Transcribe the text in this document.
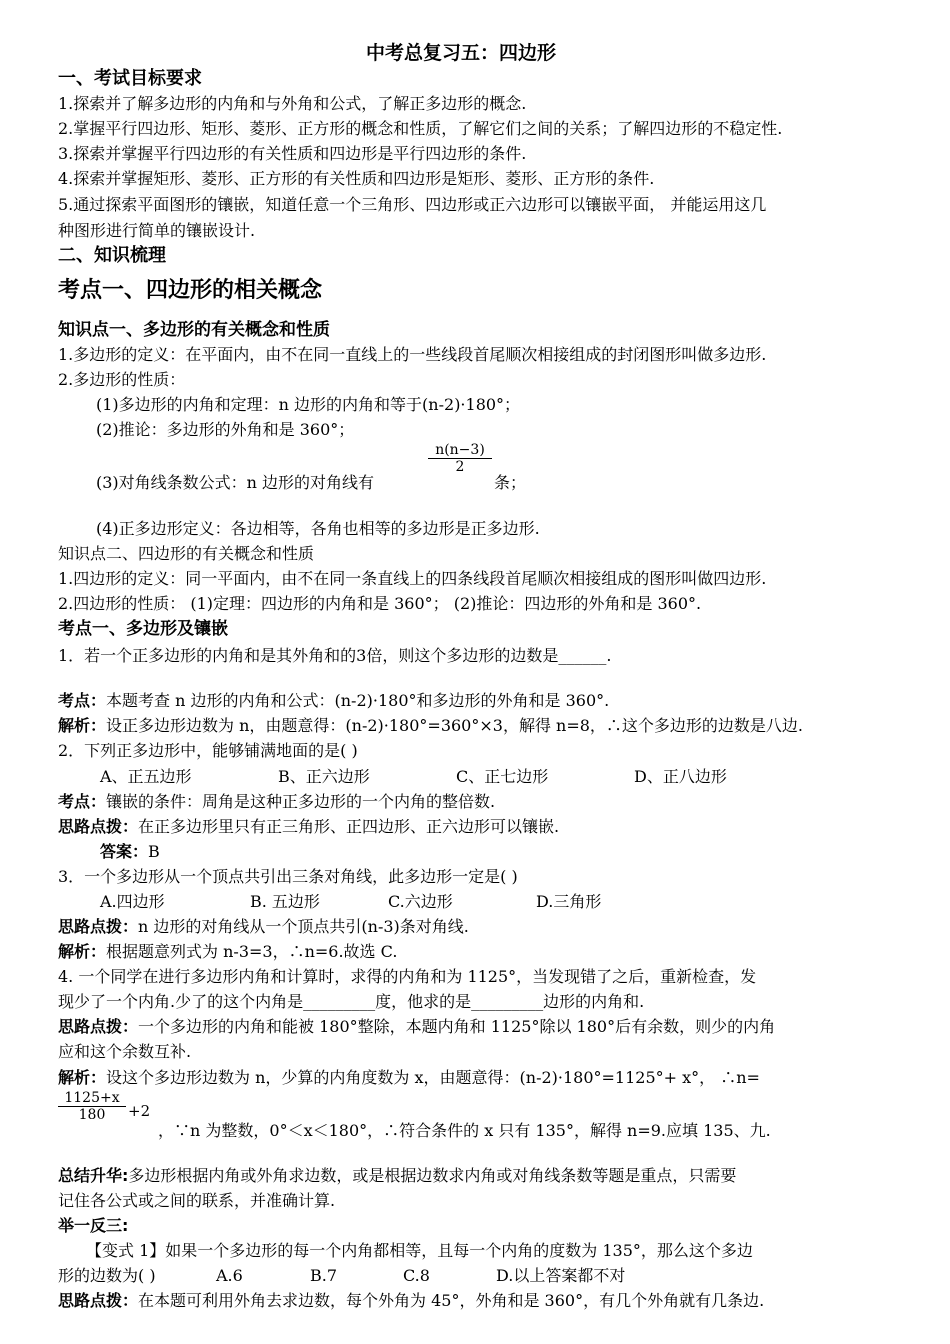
中考总复习五：四边形
一、考试目标要求
1.探索并了解多边形的内角和与外角和公式，了解正多边形的概念.
2.掌握平行四边形、矩形、菱形、正方形的概念和性质，了解它们之间的关系；了解四边形的不稳定性.
3.探索并掌握平行四边形的有关性质和四边形是平行四边形的条件.
4.探索并掌握矩形、菱形、正方形的有关性质和四边形是矩形、菱形、正方形的条件.
5.通过探索平面图形的镶嵌，知道任意一个三角形、四边形或正六边形可以镶嵌平面， 并能运用这几
种图形进行简单的镶嵌设计.
二、知识梳理
考点一、四边形的相关概念
知识点一、多边形的有关概念和性质
1.多边形的定义：在平面内，由不在同一直线上的一些线段首尾顺次相接组成的封闭图形叫做多边形.
2.多边形的性质：
(1)多边形的内角和定理：n 边形的内角和等于(n-2)·180°；
(2)推论：多边形的外角和是 360°；
(3)对角线条数公式：n 边形的对角线有
$\frac{n(n-3)}{2}$
条；
(4)正多边形定义：各边相等，各角也相等的多边形是正多边形.
知识点二、四边形的有关概念和性质
1.四边形的定义：同一平面内，由不在同一条直线上的四条线段首尾顺次相接组成的图形叫做四边形.
2.四边形的性质： (1)定理：四边形的内角和是 360°； (2)推论：四边形的外角和是 360°.
考点一、多边形及镶嵌
1．若一个正多边形的内角和是其外角和的3倍，则这个多边形的边数是______.
考点：本题考查 n 边形的内角和公式：(n-2)·180°和多边形的外角和是 360°.
解析：设正多边形边数为 n，由题意得：(n-2)·180°=360°×3，解得 n=8，∴这个多边形的边数是八边.
2．下列正多边形中，能够铺满地面的是( )
A、正五边形	B、正六边形	C、正七边形	D、正八边形
考点：镶嵌的条件：周角是这种正多边形的一个内角的整倍数.
思路点拨：在正多边形里只有正三角形、正四边形、正六边形可以镶嵌.
答案：B
3．一个多边形从一个顶点共引出三条对角线，此多边形一定是( )
A.四边形	B. 五边形	C.六边形	D.三角形
思路点拨：n 边形的对角线从一个顶点共引(n-3)条对角线.
解析：根据题意列式为 n-3=3，∴n=6.故选 C.
4. 一个同学在进行多边形内角和计算时，求得的内角和为 1125°，当发现错了之后，重新检查，发
现少了一个内角.少了的这个内角是_________度，他求的是_________边形的内角和.
思路点拨：一个多边形的内角和能被 180°整除，本题内角和 1125°除以 180°后有余数，则少的内角
应和这个余数互补.
解析：设这个多边形边数为 n，少算的内角度数为 x，由题意得：(n-2)·180°=1125°+ x°， ∴n=
$\frac{1125+x}{180} +2$
，∵n 为整数，0°＜x＜180°，∴符合条件的 x 只有 135°，解得 n=9.应填 135、九.
总结升华:多边形根据内角或外角求边数，或是根据边数求内角或对角线条数等题是重点，只需要
记住各公式或之间的联系，并准确计算.
举一反三:
【变式 1】如果一个多边形的每一个内角都相等，且每一个内角的度数为 135°，那么这个多边
形的边数为( )	A.6	B.7	C.8	D.以上答案都不对
思路点拨：在本题可利用外角去求边数，每个外角为 45°，外角和是 360°，有几个外角就有几条边.
